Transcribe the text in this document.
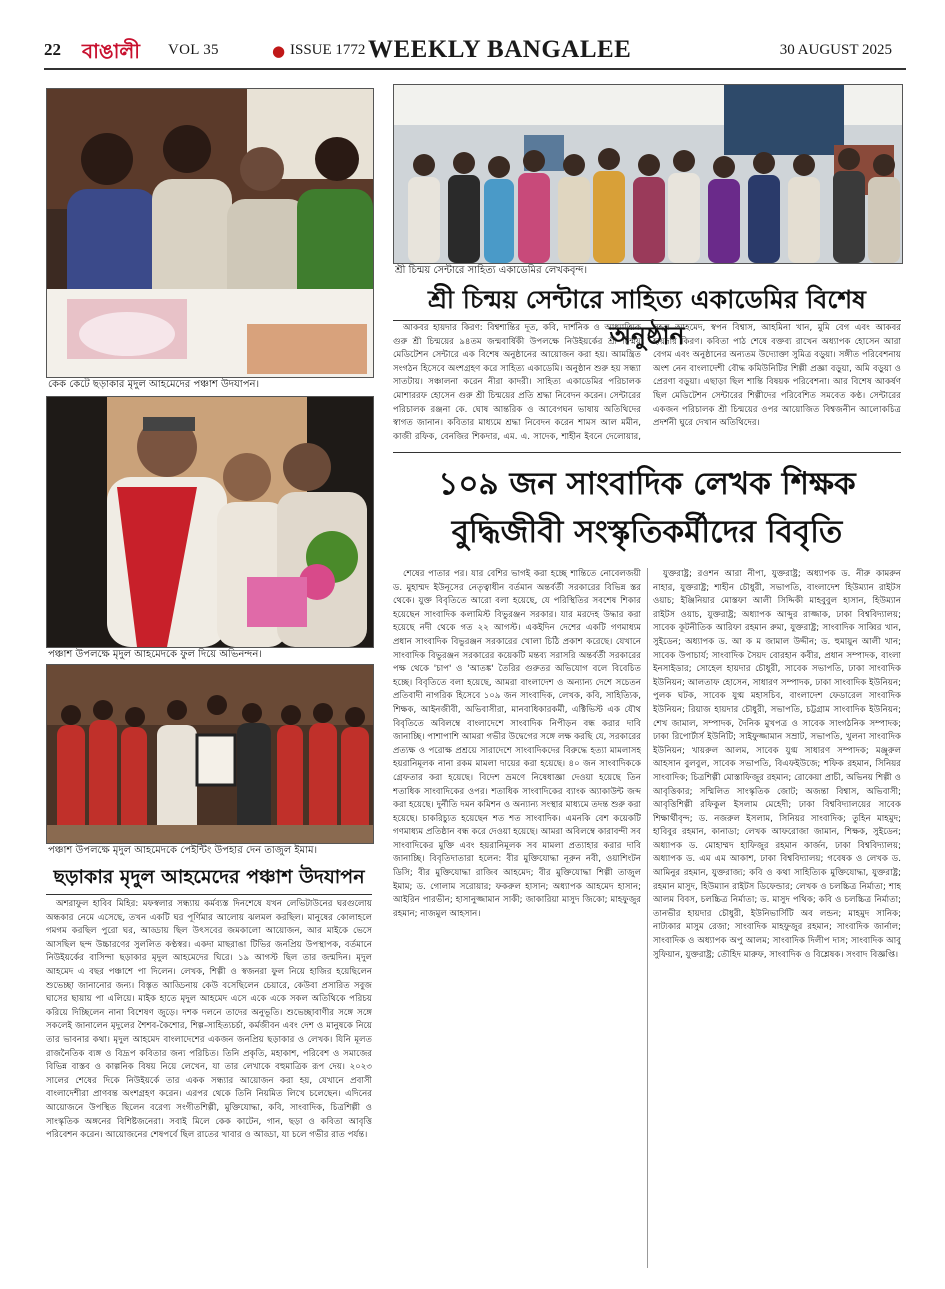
22 বাঙালী VOL 35	● ISSUE 1772 WEEKLY BANGALEE	30 AUGUST 2025
কেক কেটে ছড়াকার মৃদুল আহমেদের পঞ্চাশ উদযাপন।
পঞ্চাশ উপলক্ষে মৃদুল আহমেদকে ফুল দিয়ে অভিনন্দন।
পঞ্চাশ উপলক্ষে মৃদুল আহমেদকে পেইন্টিং উপহার দেন তাজুল ইমাম।
ছড়াকার মৃদুল আহমেদের পঞ্চাশ উদযাপন

অশরাফুল হাবিব মিহির: মফস্বলার সন্ধ্যায় কর্মব্যস্ত দিনশেষে যখন লেভিটাউনের ঘরগুলোয় অন্ধকার নেমে এসেছে, তখন একটি ঘর পূর্ণিমার আলোয় ঝলমল করছিল। মানুষের কোলাহলে গমগম করছিল পুরো ঘর, আড্ডায় ছিল উৎসবের জমকালো আয়োজন, আর মাইকে ভেসে আসছিল ছন্দ উচ্চারণের সুললিত কণ্ঠস্বর। একদা মাছরাঙা টিভির জনপ্রিয় উপস্থাপক, বর্তমানে নিউইয়র্কের বাসিন্দা ছড়াকার মৃদুল আহমেদের ঘিরে। ১৯ আগস্ট ছিল তার জন্মদিন। মৃদুল আহমেদ এ বছর পঞ্চাশে পা দিলেন। লেখক, শিল্পী ও স্বজনরা ফুল নিয়ে হাজির হয়েছিলেন শুভেচ্ছা জানানোর জন্য। বিস্তৃত আড্ডিনায় কেউ বসেছিলেন চেয়ারে, কেউবা প্রসারিত সবুজ ঘাসের ছায়ায় পা এলিয়ে। মাইক হাতে মৃদুল আহমেদ এসে একে একে সকল অতিথিকে পরিচয় করিয়ে দিচ্ছিলেন নানা বিশেষণ জুড়ে। দশক দলনে তাদের অনুভূতি। শুভেচ্ছাবাণীর সঙ্গে সঙ্গে সকলেই জানালেন মৃদুলের শৈশব-কৈশোর, শিল্প-সাহিত্যচর্চা, কর্মজীবন এবং দেশ ও মানুষকে নিয়ে তার ভাবনার কথা। মৃদুল আহমেদ বাংলাদেশের একজন জনপ্রিয় ছড়াকার ও লেখক। যিনি মূলত রাজনৈতিক ব্যঙ্গ ও বিদ্রূপ কবিতার জন্য পরিচিত। তিনি প্রকৃতি, মহাকাশ, পরিবেশ ও সমাজের বিভিন্ন বাস্তব ও কাল্পনিক বিষয় নিয়ে লেখেন, যা তার লেখাকে বহুমাত্রিক রূপ দেয়। ২০২৩ সালের শেষের দিকে নিউইয়র্কে তার একক সন্ধ্যার আয়োজন করা হয়, যেখানে প্রবাসী বাংলাদেশীরা প্রাণবন্ত অংশগ্রহণ করেন। এরপর থেকে তিনি নিয়মিত লিখে চলেছেন। এদিনের আয়োজনে উপস্থিত ছিলেন বরেণ্য সংগীতশিল্পী, মুক্তিযোদ্ধা, কবি, সাংবাদিক, চিত্রশিল্পী ও সাংস্কৃতিক অঙ্গনের বিশিষ্টজনেরা। সবাই মিলে কেক কাটেন, গান, ছড়া ও কবিতা আবৃত্তি পরিবেশন করেন। আয়োজনের শেষপর্বে ছিল রাতের খাবার ও আড্ডা, যা চলে গভীর রাত পর্যন্ত।

শ্রী চিন্ময় সেন্টারে সাহিত্য একাডেমির লেখকবৃন্দ।
শ্রী চিন্ময় সেন্টারে সাহিত্য একাডেমির বিশেষ অনুষ্ঠান

আকবর হায়দার কিরণ: বিশ্বশান্তির দূত, কবি, দার্শনিক ও আধ্যাত্মিক গুরু শ্রী চিন্ময়ের ৯৪তম জন্মবার্ষিকী উপলক্ষে নিউইয়র্কের শ্রী চিন্ময় মেডিটেশন সেন্টারে এক বিশেষ অনুষ্ঠানের আয়োজন করা হয়। আমন্ত্রিত সংগঠন হিসেবে অংশগ্রহণ করে সাহিত্য একাডেমি। অনুষ্ঠান শুরু হয় সন্ধ্যা সাতটায়। সঞ্চালনা করেন নীরা কাদরী। সাহিত্য একাডেমির পরিচালক মোশাররফ হোসেন গুরু শ্রী চিন্ময়ের প্রতি শ্রদ্ধা নিবেদন করেন। সেন্টারের পরিচালক রঞ্জনা কে. ঘোষ আন্তরিক ও আবেগঘন ভাষায় অতিথিদের স্বাগত জানান। কবিতার মাধ্যমে শ্রদ্ধা নিবেদন করেন শামস আল মমীন, কাজী রফিক, বেনজির শিকদার, এম. এ. সাদেক, শাহীন ইবনে দেলোয়ার, সহল আহমেদ, স্বপন বিশ্বাস, আহমিনা খান, মুমি বেগ এবং আকবর হায়দার কিরণ। কবিতা পাঠ শেষে বক্তব্য রাখেন অধ্যাপক হোসেন আরা বেগম এবং অনুষ্ঠানের অন্যতম উদ্যোক্তা সুমিত্র বড়ুয়া। সঙ্গীত পরিবেশনায় অংশ নেন বাংলাদেশী বৌদ্ধ কমিউনিটির শিল্পী প্রজ্ঞা বড়ুয়া, অমি বড়ুয়া ও প্রেরণা বড়ুয়া। এছাড়া ছিল শান্তি বিষয়ক পরিবেশনা। আর বিশেষ আকর্ষণ ছিল মেডিটেশন সেন্টারের শিল্পীদের পরিবেশিত সমবেত কণ্ঠ। সেন্টারের একজন পরিচালক শ্রী চিন্ময়ের ওপর আয়োজিত বিশ্বজনীন আলোকচিত্র প্রদর্শনী ঘুরে দেখান অতিথিদের।

১০৯ জন সাংবাদিক লেখক শিক্ষক
বুদ্ধিজীবী সংস্কৃতিকর্মীদের বিবৃতি

শেষের পাতার পর। যার বেশির ভাগই করা হচ্ছে শান্তিতে নোবেলজয়ী ড. মুহাম্মদ ইউনূসের নেতৃত্বাধীন বর্তমান অন্তর্বর্তী সরকারের বিভিন্ন স্তর থেকে। যুক্ত বিবৃতিতে আরো বলা হয়েছে, যে পরিস্থিতির সবশেষ শিকার হয়েছেন সাংবাদিক কলামিস্ট বিভুরঞ্জন সরকার। যার মরদেহ উদ্ধার করা হয়েছে নদী থেকে গত ২২ আগস্ট। একইদিন দেশের একটি গণমাধ্যম প্রধান সাংবাদিক বিভুরঞ্জন সরকারের খোলা চিঠি প্রকাশ করেছে। যেখানে সাংবাদিক বিভুরঞ্জন সরকারের কয়েকটি মন্তব্য সরাসরি অন্তর্বর্তী সরকারের পক্ষ থেকে 'চাপ' ও 'আতঙ্ক' তৈরির গুরুতর অভিযোগ বলে বিবেচিত হচ্ছে। বিবৃতিতে বলা হয়েছে, আমরা বাংলাদেশ ও অন্যান্য দেশে সচেতন প্রতিবাদী নাগরিক হিসেবে ১০৯ জন সাংবাদিক, লেখক, কবি, সাহিত্যিক, শিক্ষক, আইনজীবী, অভিবাসীরা, মানবাধিকারকর্মী, এক্টিভিস্ট এক যৌথ বিবৃতিতে অবিলম্বে বাংলাদেশে সাংবাদিক নিপীড়ন বন্ধ করার দাবি জানাচ্ছি। পাশাপাশি আমরা গভীর উদ্বেগের সঙ্গে লক্ষ করছি যে, সরকারের প্রত্যক্ষ ও পরোক্ষ প্রশ্রয়ে সারাদেশে সাংবাদিকদের বিরুদ্ধে হত্যা মামলাসহ হয়রানিমূলক নানা রকম মামলা দায়ের করা হয়েছে। ৪০ জন সাংবাদিককে গ্রেফতার করা হয়েছে। বিদেশ ভ্রমণে নিষেধাজ্ঞা দেওয়া হয়েছে তিন শতাধিক সাংবাদিকের ওপর। শতাধিক সাংবাদিকের ব্যাংক অ্যাকাউন্ট জব্দ করা হয়েছে। দুর্নীতি দমন কমিশন ও অন্যান্য সংস্থার মাধ্যমে তদন্ত শুরু করা হয়েছে। চাকরিচ্যুত হয়েছেন শত শত সাংবাদিক। এমনকি বেশ কয়েকটি গণমাধ্যম প্রতিষ্ঠান বন্ধ করে দেওয়া হয়েছে। আমরা অবিলম্বে কারাবন্দী সব সাংবাদিকের মুক্তি এবং হয়রানিমূলক সব মামলা প্রত্যাহার করার দাবি জানাচ্ছি। বিবৃতিদাতারা হলেন: বীর মুক্তিযোদ্ধা নূরুন নবী, ওয়াশিংটন ডিসি; বীর মুক্তিযোদ্ধা রাজিব আহমেদ; বীর মুক্তিযোদ্ধা শিল্পী তাজুল ইমাম; ড. গোলাম সরোয়ার; ফকরুল হাসান; অধ্যাপক আহমেদ হাসান; আইরিন পারভীন; হাসানুজ্জামান সাকী; জাকারিয়া মাসুদ জিকো; মাহফুজুর রহমান; নাজমুল আহসান।

যুক্তরাষ্ট্র; রওশন আরা নীপা, যুক্তরাষ্ট্র; অধ্যাপক ড. নীরু কামরুন নাহার, যুক্তরাষ্ট্র; শাহীন চৌধুরী, সভাপতি, বাংলাদেশ হিউম্যান রাইটস ওয়াচ; ইঞ্জিনিয়ার মোস্তফা আলী সিদ্দিকী মাহবুবুল হাসান, হিউম্যান রাইটস ওয়াচ, যুক্তরাষ্ট্র; অধ্যাপক আব্দুর রাজ্জাক, ঢাকা বিশ্ববিদ্যালয়; সাবেক কূটনীতিক আরিফা রহমান রুমা, যুক্তরাষ্ট্র; সাংবাদিক সাব্বির খান, সুইডেন; অধ্যাপক ড. আ ক ম জামাল উদ্দীন; ড. হুমায়ুন আলী খান; সাবেক উপাচার্য; সাংবাদিক সৈয়দ বোরহান কবীর, প্রধান সম্পাদক, বাংলা ইনসাইডার; সোহেল হায়দার চৌধুরী, সাবেক সভাপতি, ঢাকা সাংবাদিক ইউনিয়ন; আলতাফ হোসেন, সাধারণ সম্পাদক, ঢাকা সাংবাদিক ইউনিয়ন; পুলক ঘটক, সাবেক যুগ্ম মহাসচিব, বাংলাদেশ ফেডারেল সাংবাদিক ইউনিয়ন; রিয়াজ হায়দার চৌধুরী, সভাপতি, চট্টগ্রাম সাংবাদিক ইউনিয়ন; শেখ জামাল, সম্পাদক, দৈনিক মুখপত্র ও সাবেক সাংগঠনিক সম্পাদক; ঢাকা রিপোর্টার্স ইউনিটি; সাইফুজ্জামান সম্রাট, সভাপতি, খুলনা সাংবাদিক ইউনিয়ন; খায়রুল আলম, সাবেক যুগ্ম সাধারণ সম্পাদক; মঞ্জুরুল আহসান বুলবুল, সাবেক সভাপতি, বিএফইউজে; শফিক রহমান, সিনিয়র সাংবাদিক; চিত্রশিল্পী মোস্তাফিজুর রহমান; রোকেয়া প্রাচী, অভিনয় শিল্পী ও আবৃত্তিকার; সম্মিলিত সাংস্কৃতিক জোট; অজন্তা বিশ্বাস, অভিবাসী; আবৃত্তিশিল্পী রফিকুল ইসলাম মেহেদী; ঢাকা বিশ্ববিদ্যালয়ের সাবেক শিক্ষার্থীবৃন্দ; ড. নজরুল ইসলাম, সিনিয়র সাংবাদিক; তুহিন মাহমুদ; হাবিবুর রহমান, কানাডা; লেখক আফরোজা জামান, শিক্ষক, সুইডেন; অধ্যাপক ড. মোহাম্মদ হাফিজুর রহমান কার্জন, ঢাকা বিশ্ববিদ্যালয়; অধ্যাপক ড. এম এম আকাশ, ঢাকা বিশ্ববিদ্যালয়; গবেষক ও লেখক ড. আমিনুর রহমান, যুক্তরাজ্য; কবি ও কথা সাহিত্যিক মুক্তিযোদ্ধা, যুক্তরাষ্ট্র; রহমান মাসুদ, হিউম্যান রাইটস ডিফেন্ডার; লেখক ও চলচ্চিত্র নির্মাতা; শাহ আলম বিবস, চলচ্চিত্র নির্মাতা; ড. মাসুদ পথিক; কবি ও চলচ্চিত্র নির্মাতা; তানভীর হায়দার চৌধুরী, ইউনিভার্সিটি অব লন্ডন; মাহমুদ সানিক; নাট্যকার মাসুম রেজা; সাংবাদিক মাহফুজুর রহমান; সাংবাদিক জার্নাল; সাংবাদিক ও অধ্যাপক অপু আলম; সাংবাদিক দিলীপ দাস; সাংবাদিক আবু সুফিয়ান, যুক্তরাষ্ট্র; তৌহিদ মারুফ, সাংবাদিক ও বিশ্লেষক। সংবাদ বিজ্ঞপ্তি।
